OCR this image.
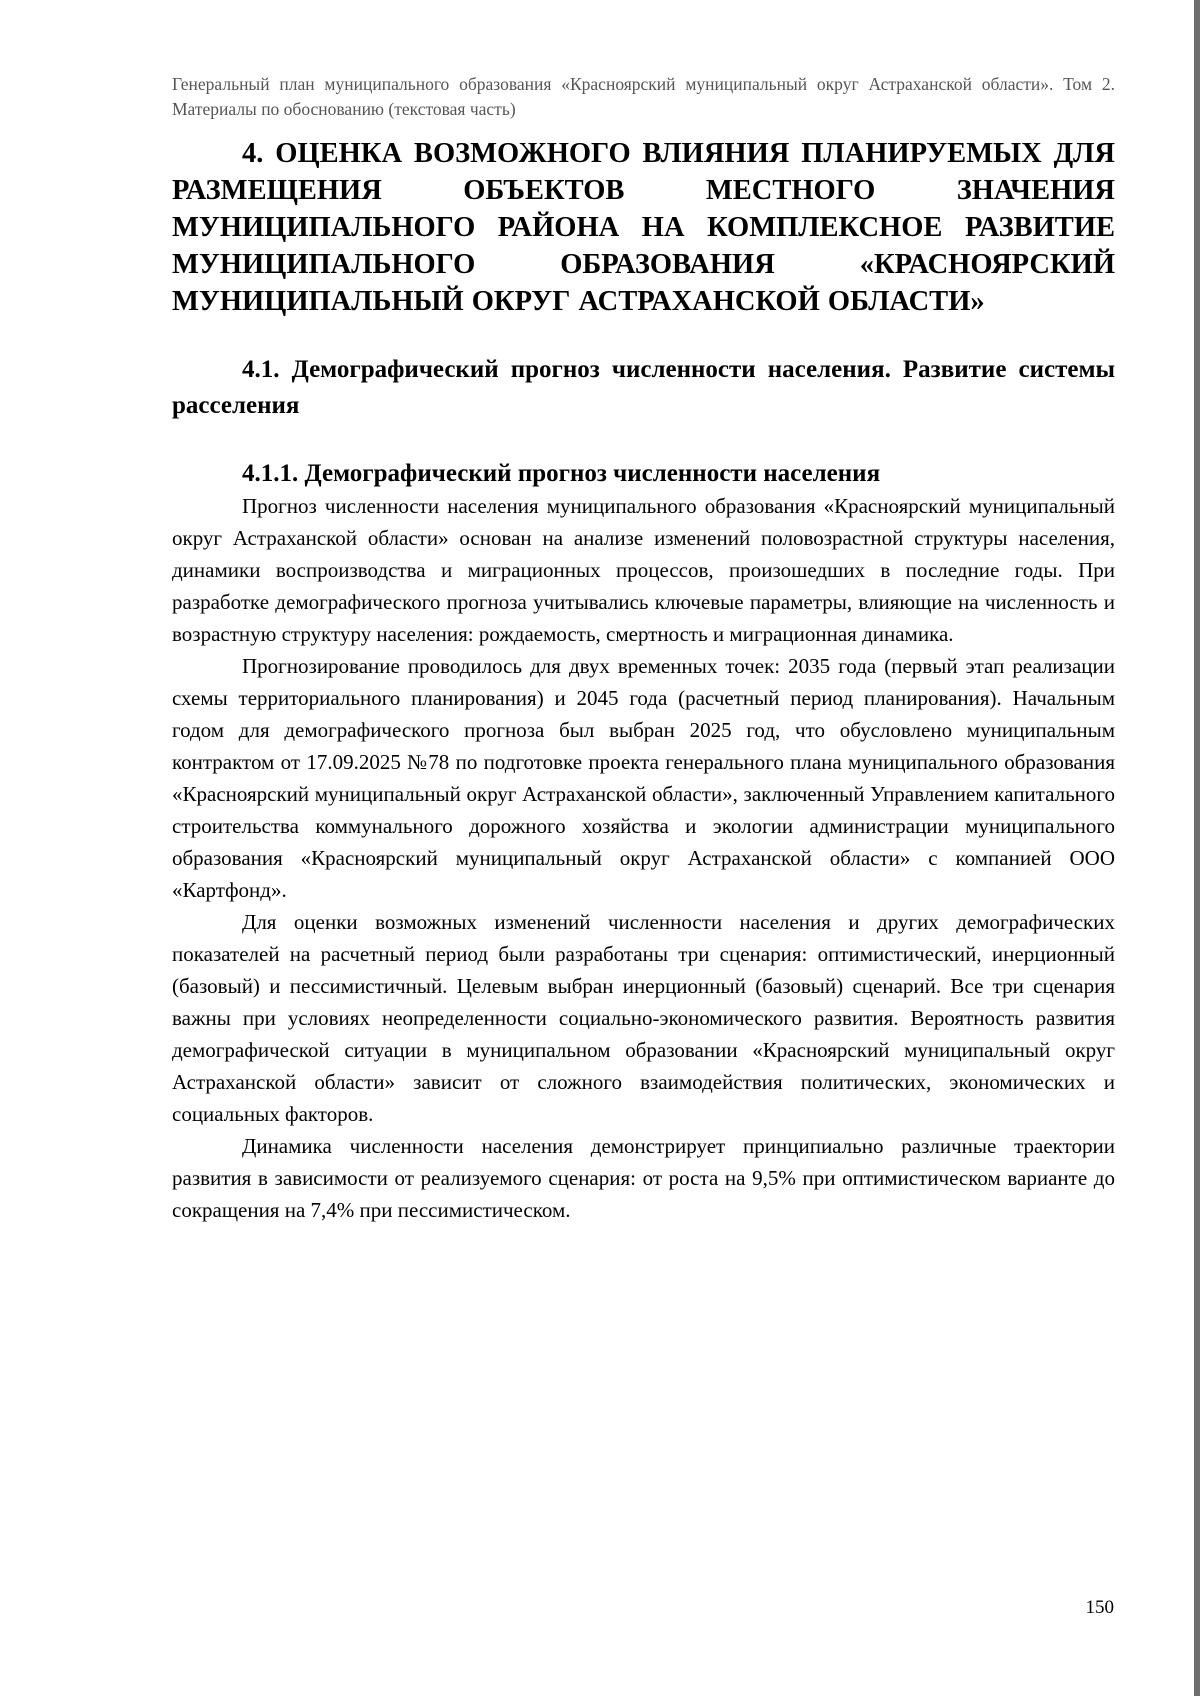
Генеральный план муниципального образования «Красноярский муниципальный округ Астраханской области». Том 2. Материалы по обоснованию (текстовая часть)

4. ОЦЕНКА ВОЗМОЖНОГО ВЛИЯНИЯ ПЛАНИРУЕМЫХ ДЛЯ РАЗМЕЩЕНИЯ ОБЪЕКТОВ МЕСТНОГО ЗНАЧЕНИЯ МУНИЦИПАЛЬНОГО РАЙОНА НА КОМПЛЕКСНОЕ РАЗВИТИЕ МУНИЦИПАЛЬНОГО ОБРАЗОВАНИЯ «КРАСНОЯРСКИЙ МУНИЦИПАЛЬНЫЙ ОКРУГ АСТРАХАНСКОЙ ОБЛАСТИ»
4.1. Демографический прогноз численности населения. Развитие системы расселения
4.1.1. Демографический прогноз численности населения

Прогноз численности населения муниципального образования «Красноярский муниципальный округ Астраханской области» основан на анализе изменений половозрастной структуры населения, динамики воспроизводства и миграционных процессов, произошедших в последние годы. При разработке демографического прогноза учитывались ключевые параметры, влияющие на численность и возрастную структуру населения: рождаемость, смертность и миграционная динамика.

Прогнозирование проводилось для двух временных точек: 2035 года (первый этап реализации схемы территориального планирования) и 2045 года (расчетный период планирования). Начальным годом для демографического прогноза был выбран 2025 год, что обусловлено муниципальным контрактом от 17.09.2025 №78 по подготовке проекта генерального плана муниципального образования «Красноярский муниципальный округ Астраханской области», заключенный Управлением капитального строительства коммунального дорожного хозяйства и экологии администрации муниципального образования «Красноярский муниципальный округ Астраханской области» с компанией ООО «Картфонд».

Для оценки возможных изменений численности населения и других демографических показателей на расчетный период были разработаны три сценария: оптимистический, инерционный (базовый) и пессимистичный. Целевым выбран инерционный (базовый) сценарий. Все три сценария важны при условиях неопределенности социально-экономического развития. Вероятность развития демографической ситуации в муниципальном образовании «Красноярский муниципальный округ Астраханской области» зависит от сложного взаимодействия политических, экономических и социальных факторов.

Динамика численности населения демонстрирует принципиально различные траектории развития в зависимости от реализуемого сценария: от роста на 9,5% при оптимистическом варианте до сокращения на 7,4% при пессимистическом.

150
